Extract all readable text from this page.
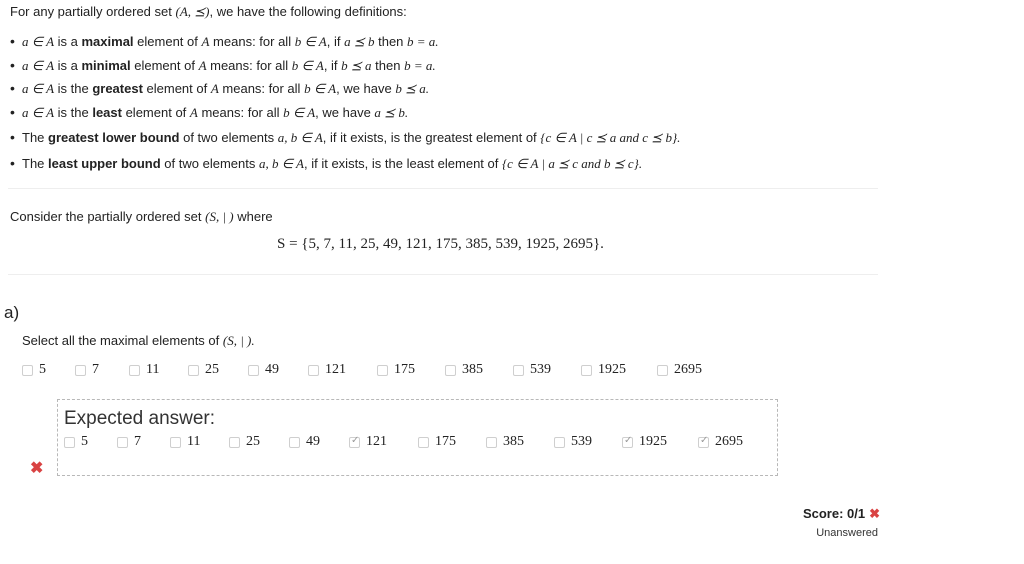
For any partially ordered set (A, ⪯), we have the following definitions:
• a ∈ A is a maximal element of A means: for all b ∈ A, if a ⪯ b then b = a.
• a ∈ A is a minimal element of A means: for all b ∈ A, if b ⪯ a then b = a.
• a ∈ A is the greatest element of A means: for all b ∈ A, we have b ⪯ a.
• a ∈ A is the least element of A means: for all b ∈ A, we have a ⪯ b.
• The greatest lower bound of two elements a, b ∈ A, if it exists, is the greatest element of {c ∈ A | c ⪯ a and c ⪯ b}.
• The least upper bound of two elements a, b ∈ A, if it exists, is the least element of {c ∈ A | a ⪯ c and b ⪯ c}.
Consider the partially ordered set (S, | ) where
S = {5, 7, 11, 25, 49, 121, 175, 385, 539, 1925, 2695}.
a)
Select all the maximal elements of (S, | ).
5	7	11	25	49	121	175	385	539	1925	2695
Expected answer:
5	7	11	25	49 ✓	121	175	385	539 ✓	1925 ✓	2695
✖
Score: 0/1 ✖
Unanswered
